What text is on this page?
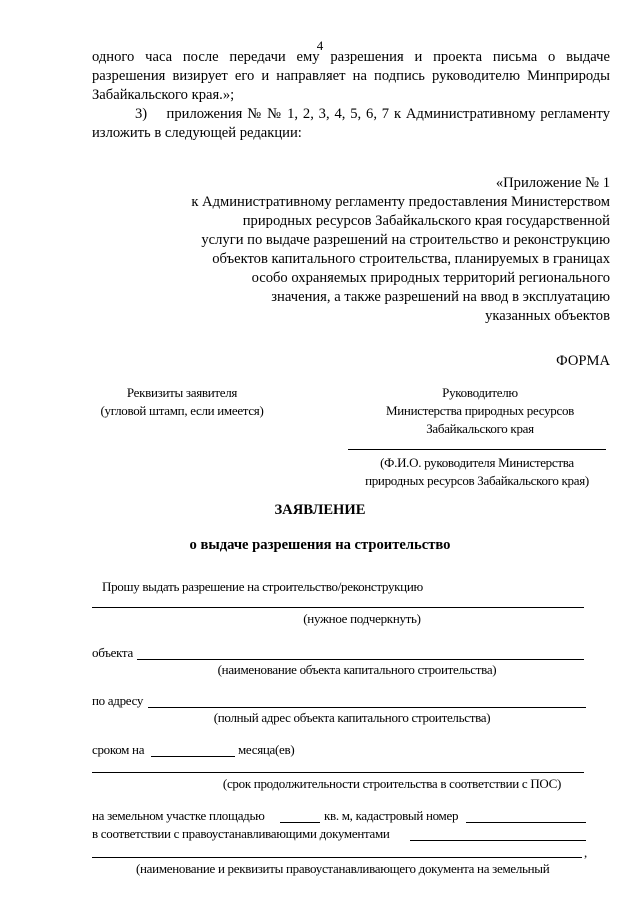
4
одного часа после передачи ему разрешения и проекта письма о выдаче
разрешения визирует его и направляет на подпись руководителю Минприроды
Забайкальского края.»;
3) приложения № № 1, 2, 3, 4, 5, 6, 7 к Административному регламенту
изложить в следующей редакции:
«Приложение № 1
к Административному регламенту предоставления Министерством
природных ресурсов Забайкальского края государственной
услуги по выдаче разрешений на строительство и реконструкцию
объектов капитального строительства, планируемых в границах
особо охраняемых природных территорий регионального
значения, а также разрешений на ввод в эксплуатацию
указанных объектов
ФОРМА
Реквизиты заявителя
(угловой штамп, если имеется)
Руководителю
Министерства природных ресурсов
Забайкальского края
(Ф.И.О. руководителя Министерства
природных ресурсов Забайкальского края)
ЗАЯВЛЕНИЕ
о выдаче разрешения на строительство
Прошу выдать разрешение на строительство/реконструкцию
(нужное подчеркнуть)
объекта
(наименование объекта капитального строительства)
по адресу
(полный адрес объекта капитального строительства)
сроком на	месяца(ев)
(срок продолжительности строительства в соответствии с ПОС)
на земельном участке площадью	кв. м, кадастровый номер
в соответствии с правоустанавливающими документами
,
(наименование и реквизиты правоустанавливающего документа на земельный
